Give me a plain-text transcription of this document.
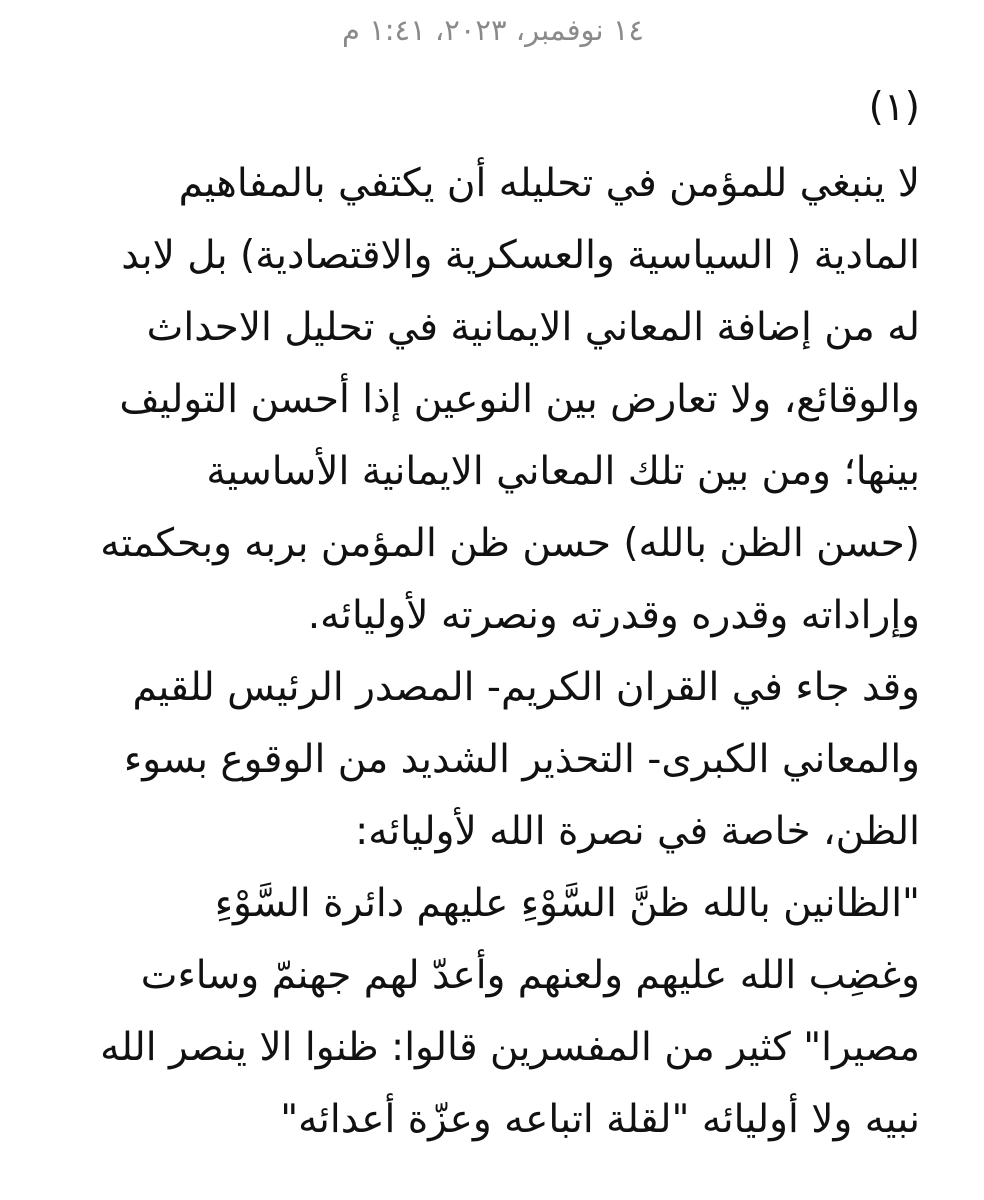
١٤ نوفمبر، ٢٠٢٣، ١:٤١ م
(١)
لا ينبغي للمؤمن في تحليله أن يكتفي بالمفاهيم
المادية ( السياسية والعسكرية والاقتصادية) بل لابد
له من إضافة المعاني الايمانية في تحليل الاحداث
والوقائع، ولا تعارض بين النوعين إذا أحسن التوليف
بينها؛ ومن بين تلك المعاني الايمانية الأساسية
(حسن الظن بالله) حسن ظن المؤمن بربه وبحكمته
وإراداته وقدره وقدرته ونصرته لأوليائه.
وقد جاء في القران الكريم- المصدر الرئيس للقيم
والمعاني الكبرى- التحذير الشديد من الوقوع بسوء
الظن، خاصة في نصرة الله لأوليائه:
"الظانين بالله ظنَّ السَّوْءِ عليهم دائرة السَّوْءِ
وغضِب الله عليهم ولعنهم وأعدّ لهم جهنمّ وساءت
مصيرا" كثير من المفسرين قالوا: ظنوا الا ينصر الله
نبيه ولا أوليائه "لقلة اتباعه وعزّة أعدائه"
